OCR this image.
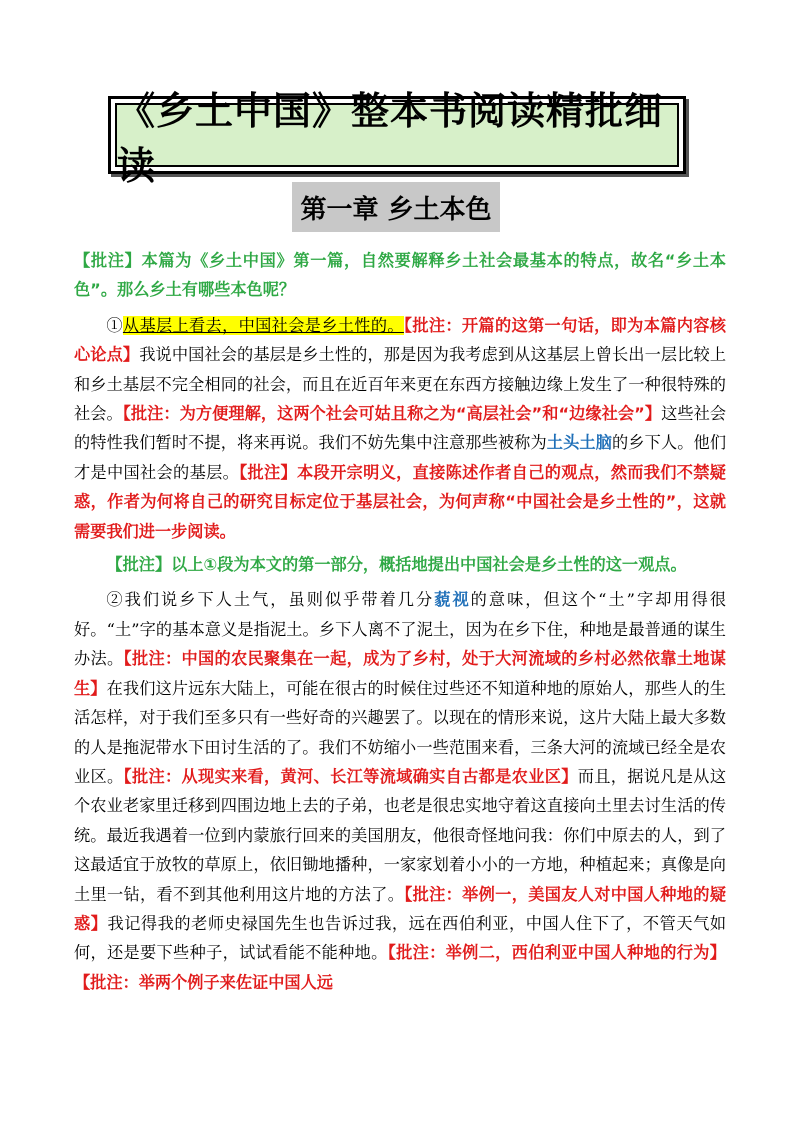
《乡土中国》整本书阅读精批细读
第一章 乡土本色

【批注】本篇为《乡土中国》第一篇，自然要解释乡土社会最基本的特点，故名“乡土本色”。那么乡土有哪些本色呢？

①从基层上看去，中国社会是乡土性的。【批注：开篇的这第一句话，即为本篇内容核心论点】我说中国社会的基层是乡土性的，那是因为我考虑到从这基层上曾长出一层比较上和乡土基层不完全相同的社会，而且在近百年来更在东西方接触边缘上发生了一种很特殊的社会。【批注：为方便理解，这两个社会可姑且称之为“高层社会”和“边缘社会”】这些社会的特性我们暂时不提，将来再说。我们不妨先集中注意那些被称为土头土脑的乡下人。他们才是中国社会的基层。【批注】本段开宗明义，直接陈述作者自己的观点，然而我们不禁疑惑，作者为何将自己的研究目标定位于基层社会，为何声称“中国社会是乡土性的”，这就需要我们进一步阅读。

【批注】以上①段为本文的第一部分，概括地提出中国社会是乡土性的这一观点。

②我们说乡下人土气，虽则似乎带着几分藐视的意味，但这个“土”字却用得很好。“土”字的基本意义是指泥土。乡下人离不了泥土，因为在乡下住，种地是最普通的谋生办法。【批注：中国的农民聚集在一起，成为了乡村，处于大河流域的乡村必然依靠土地谋生】在我们这片远东大陆上，可能在很古的时候住过些还不知道种地的原始人，那些人的生活怎样，对于我们至多只有一些好奇的兴趣罢了。以现在的情形来说，这片大陆上最大多数的人是拖泥带水下田讨生活的了。我们不妨缩小一些范围来看，三条大河的流域已经全是农业区。【批注：从现实来看，黄河、长江等流域确实自古都是农业区】而且，据说凡是从这个农业老家里迁移到四围边地上去的子弟，也老是很忠实地守着这直接向土里去讨生活的传统。最近我遇着一位到内蒙旅行回来的美国朋友，他很奇怪地问我：你们中原去的人，到了这最适宜于放牧的草原上，依旧锄地播种，一家家划着小小的一方地，种植起来；真像是向土里一钻，看不到其他利用这片地的方法了。【批注：举例一，美国友人对中国人种地的疑惑】我记得我的老师史禄国先生也告诉过我，远在西伯利亚，中国人住下了，不管天气如何，还是要下些种子，试试看能不能种地。【批注：举例二，西伯利亚中国人种地的行为】【批注：举两个例子来佐证中国人远
